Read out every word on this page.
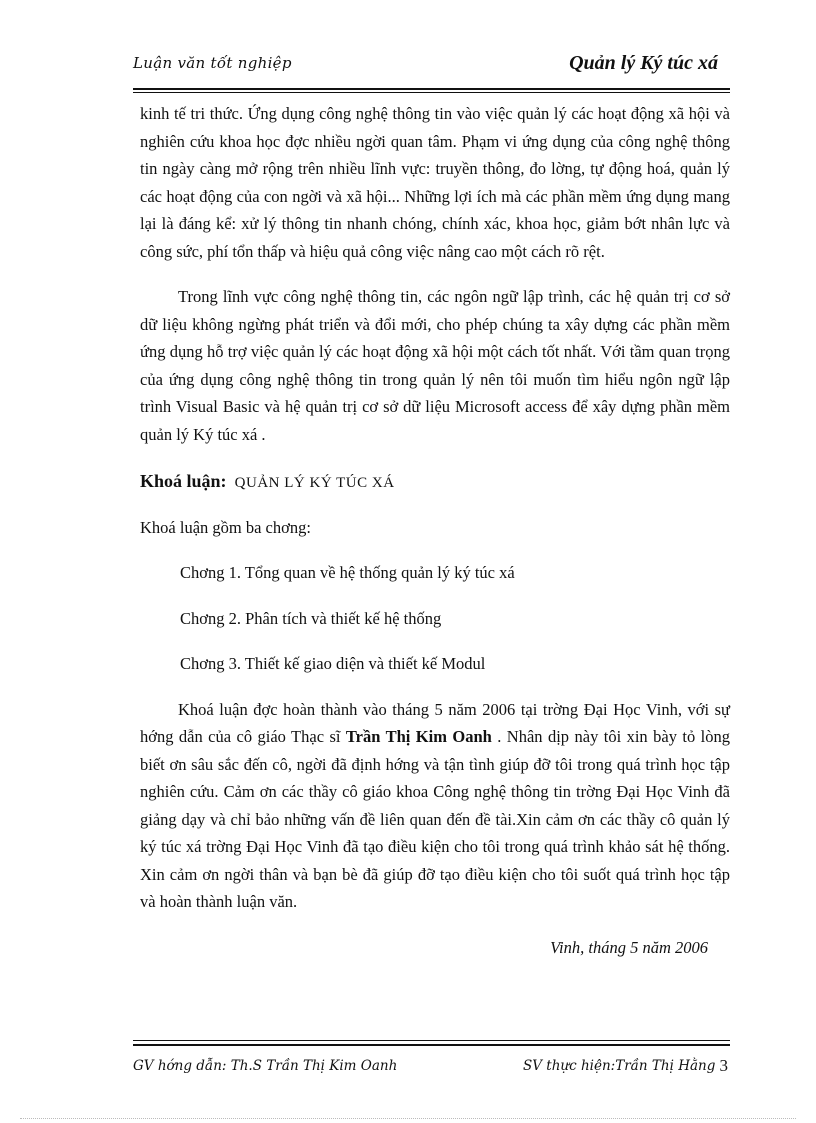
Luận văn tốt nghiệp	Quản lý Ký túc xá

kinh tế tri thức. Ứng dụng công nghệ thông tin vào việc quản lý các hoạt động xã hội và nghiên cứu khoa học đợc nhiều ngời quan tâm. Phạm vi ứng dụng của công nghệ thông tin ngày càng mở rộng trên nhiều lĩnh vực: truyền thông, đo lờng, tự động hoá, quản lý các hoạt động của con ngời và xã hội... Những lợi ích mà các phần mềm ứng dụng mang lại là đáng kể: xử lý thông tin nhanh chóng, chính xác, khoa học, giảm bớt nhân lực và công sức, phí tổn thấp và hiệu quả công việc nâng cao một cách rõ rệt.

Trong lĩnh vực công nghệ thông tin, các ngôn ngữ lập trình, các hệ quản trị cơ sở dữ liệu không ngừng phát triển và đổi mới, cho phép chúng ta xây dựng các phần mềm ứng dụng hỗ trợ việc quản lý các hoạt động xã hội một cách tốt nhất. Với tầm quan trọng của ứng dụng công nghệ thông tin trong quản lý nên tôi muốn tìm hiểu ngôn ngữ lập trình Visual Basic và hệ quản trị cơ sở dữ liệu Microsoft access để xây dựng phần mềm quản lý Ký túc xá .

Khoá luận: QUẢN LÝ KÝ TÚC XÁ
Khoá luận gồm ba chơng:
Chơng 1. Tổng quan về hệ thống quản lý ký túc xá
Chơng 2. Phân tích và thiết kế hệ thống
Chơng 3. Thiết kế giao diện và thiết kế Modul

Khoá luận đợc hoàn thành vào tháng 5 năm 2006 tại trờng Đại Học Vinh, với sự hớng dẫn của cô giáo Thạc sĩ Trần Thị Kim Oanh . Nhân dịp này tôi xin bày tỏ lòng biết ơn sâu sắc đến cô, ngời đã định hớng và tận tình giúp đỡ tôi trong quá trình học tập nghiên cứu. Cảm ơn các thầy cô giáo khoa Công nghệ thông tin trờng Đại Học Vinh đã giảng dạy và chỉ bảo những vấn đề liên quan đến đề tài.Xin cảm ơn các thầy cô quản lý ký túc xá trờng Đại Học Vinh đã tạo điều kiện cho tôi trong quá trình khảo sát hệ thống. Xin cảm ơn ngời thân và bạn bè đã giúp đỡ tạo điều kiện cho tôi suốt quá trình học tập và hoàn thành luận văn.

Vinh, tháng 5 năm 2006
GV hớng dẫn: Th.S Trần Thị Kim Oanh	SV thực hiện:Trần Thị Hằng 3
